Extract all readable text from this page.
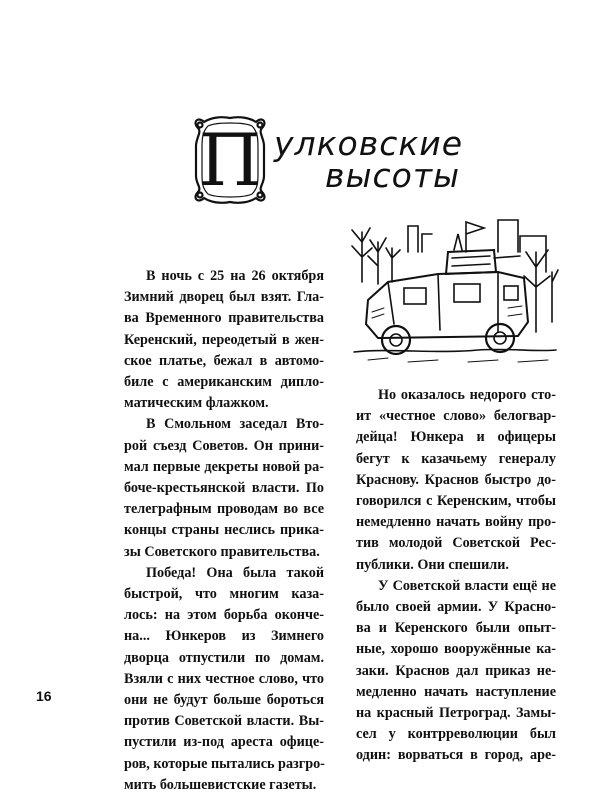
П улковские
высоты
В ночь с 25 на 26 октября
Зимний дворец был взят. Гла-
ва Временного правительства
Керенский, переодетый в жен-
ское платье, бежал в автомо-
биле с американским дипло-
матическим флажком.
В Смольном заседал Вто-
рой съезд Советов. Он прини-
мал первые декреты новой ра-
боче-крестьянской власти. По
телеграфным проводам во все
концы страны неслись прика-
зы Советского правительства.
Победа! Она была такой
быстрой, что многим каза-
лось: на этом борьба оконче-
на... Юнкеров из Зимнего
дворца отпустили по домам.
Взяли с них честное слово, что
они не будут больше бороться
против Советской власти. Вы-
пустили из-под ареста офице-
ров, которые пытались разгро-
мить большевистские газеты.
Но оказалось недорого сто-
ит «честное слово» белогвар-
дейца! Юнкера и офицеры
бегут к казачьему генералу
Краснову. Краснов быстро до-
говорился с Керенским, чтобы
немедленно начать войну про-
тив молодой Советской Рес-
публики. Они спешили.
У Советской власти ещё не
было своей армии. У Красно-
ва и Керенского были опыт-
ные, хорошо вооружённые ка-
заки. Краснов дал приказ не-
медленно начать наступление
на красный Петроград. Замы-
сел у контрреволюции был
один: ворваться в город, аре-
16
